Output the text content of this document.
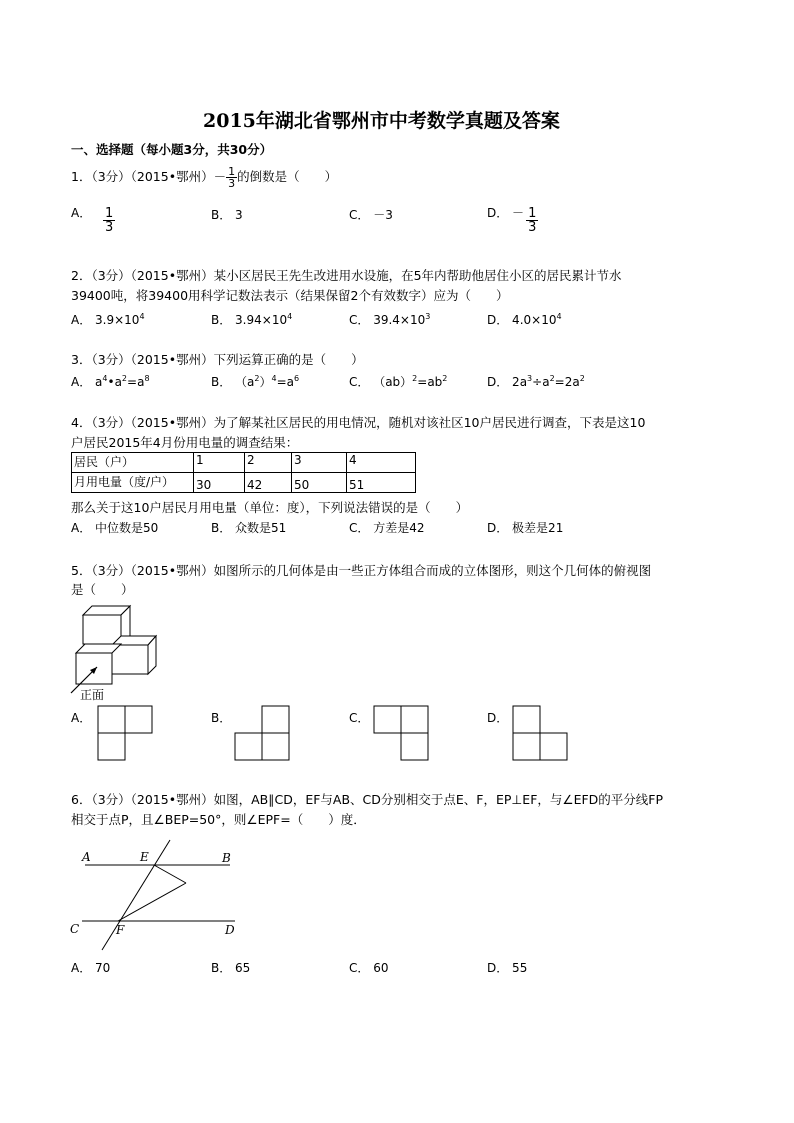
2015年湖北省鄂州市中考数学真题及答案
一、选择题（每小题3分，共30分）
1．（3分）（2015•鄂州）－ $\frac{1}{3}$ 的倒数是（　　）
A． $\frac{1}{3}$	B． 3	C． －3	D． － $\frac{1}{3}$
2．（3分）（2015•鄂州）某小区居民王先生改进用水设施，在5年内帮助他居住小区的居民累计节水
39400吨，将39400用科学记数法表示（结果保留2个有效数字）应为（　　）
A． $3.9\times 10^4$	B． $3.94\times 10^4$	C． $39.4\times 10^3$	D． $4.0\times 10^4$
3．（3分）（2015•鄂州）下列运算正确的是（　　）
A． $a^4•a^2=a^8$	B． $(a^2)^4=a^6$	C． $(ab)^2=ab^2$	D． $2a^3\div a^2=2a^2$
4．（3分）（2015•鄂州）为了解某社区居民的用电情况，随机对该社区10户居民进行调查，下表是这10
户居民2015年4月份用电量的调查结果：
居民（户）	1	2	3	4
月用电量（度/户）	30	42	50	51
那么关于这10户居民月用电量（单位：度），下列说法错误的是（　　）
A． 中位数是50	B． 众数是51	C． 方差是42	D． 极差是21
5．（3分）（2015•鄂州）如图所示的几何体是由一些正方体组合而成的立体图形，则这个几何体的俯视图
是（　　）
正面
A．	B．	C．	D．
6．（3分）（2015•鄂州）如图，AB∥CD，EF与AB、CD分别相交于点E、F，EP⊥EF，与∠EFD的平分线FP
相交于点P，且∠BEP=50°，则∠EPF=（　　）度．
A	E	B
C	F	D
A． 70	B． 65	C． 60	D． 55
